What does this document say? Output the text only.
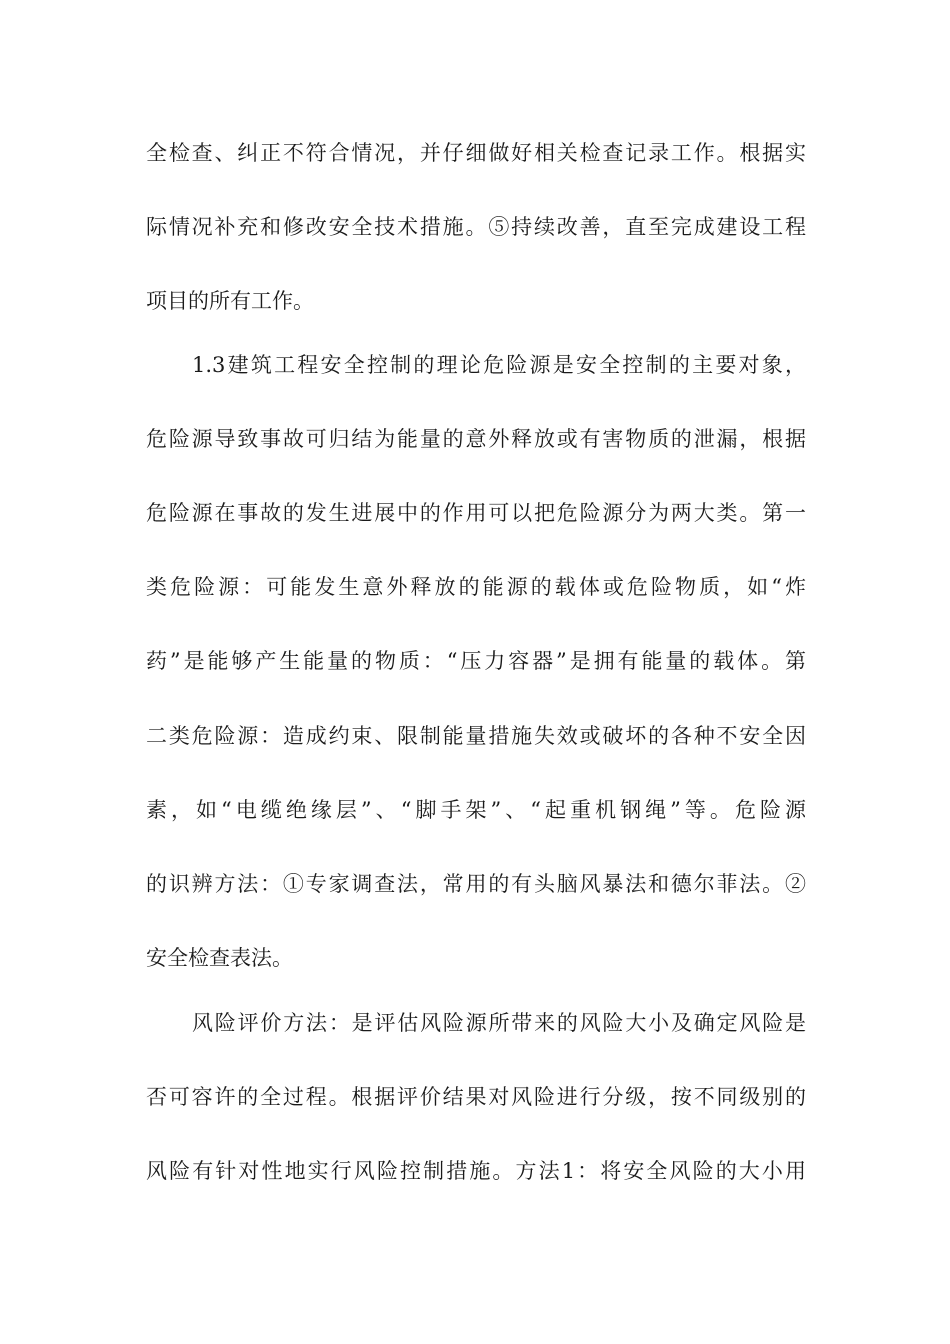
全检查、纠正不符合情况，并仔细做好相关检查记录工作。根据实
际情况补充和修改安全技术措施。⑤持续改善，直至完成建设工程
项目的所有工作。
1.3建筑工程安全控制的理论危险源是安全控制的主要对象，
危险源导致事故可归结为能量的意外释放或有害物质的泄漏，根据
危险源在事故的发生进展中的作用可以把危险源分为两大类。第一
类危险源：可能发生意外释放的能源的载体或危险物质，如“炸
药”是能够产生能量的物质：“压力容器”是拥有能量的载体。第
二类危险源：造成约束、限制能量措施失效或破坏的各种不安全因
素，如“电缆绝缘层”、“脚手架”、“起重机钢绳”等。危险源
的识辨方法：①专家调查法，常用的有头脑风暴法和德尔菲法。②
安全检查表法。
风险评价方法：是评估风险源所带来的风险大小及确定风险是
否可容许的全过程。根据评价结果对风险进行分级，按不同级别的
风险有针对性地实行风险控制措施。方法1：将安全风险的大小用
